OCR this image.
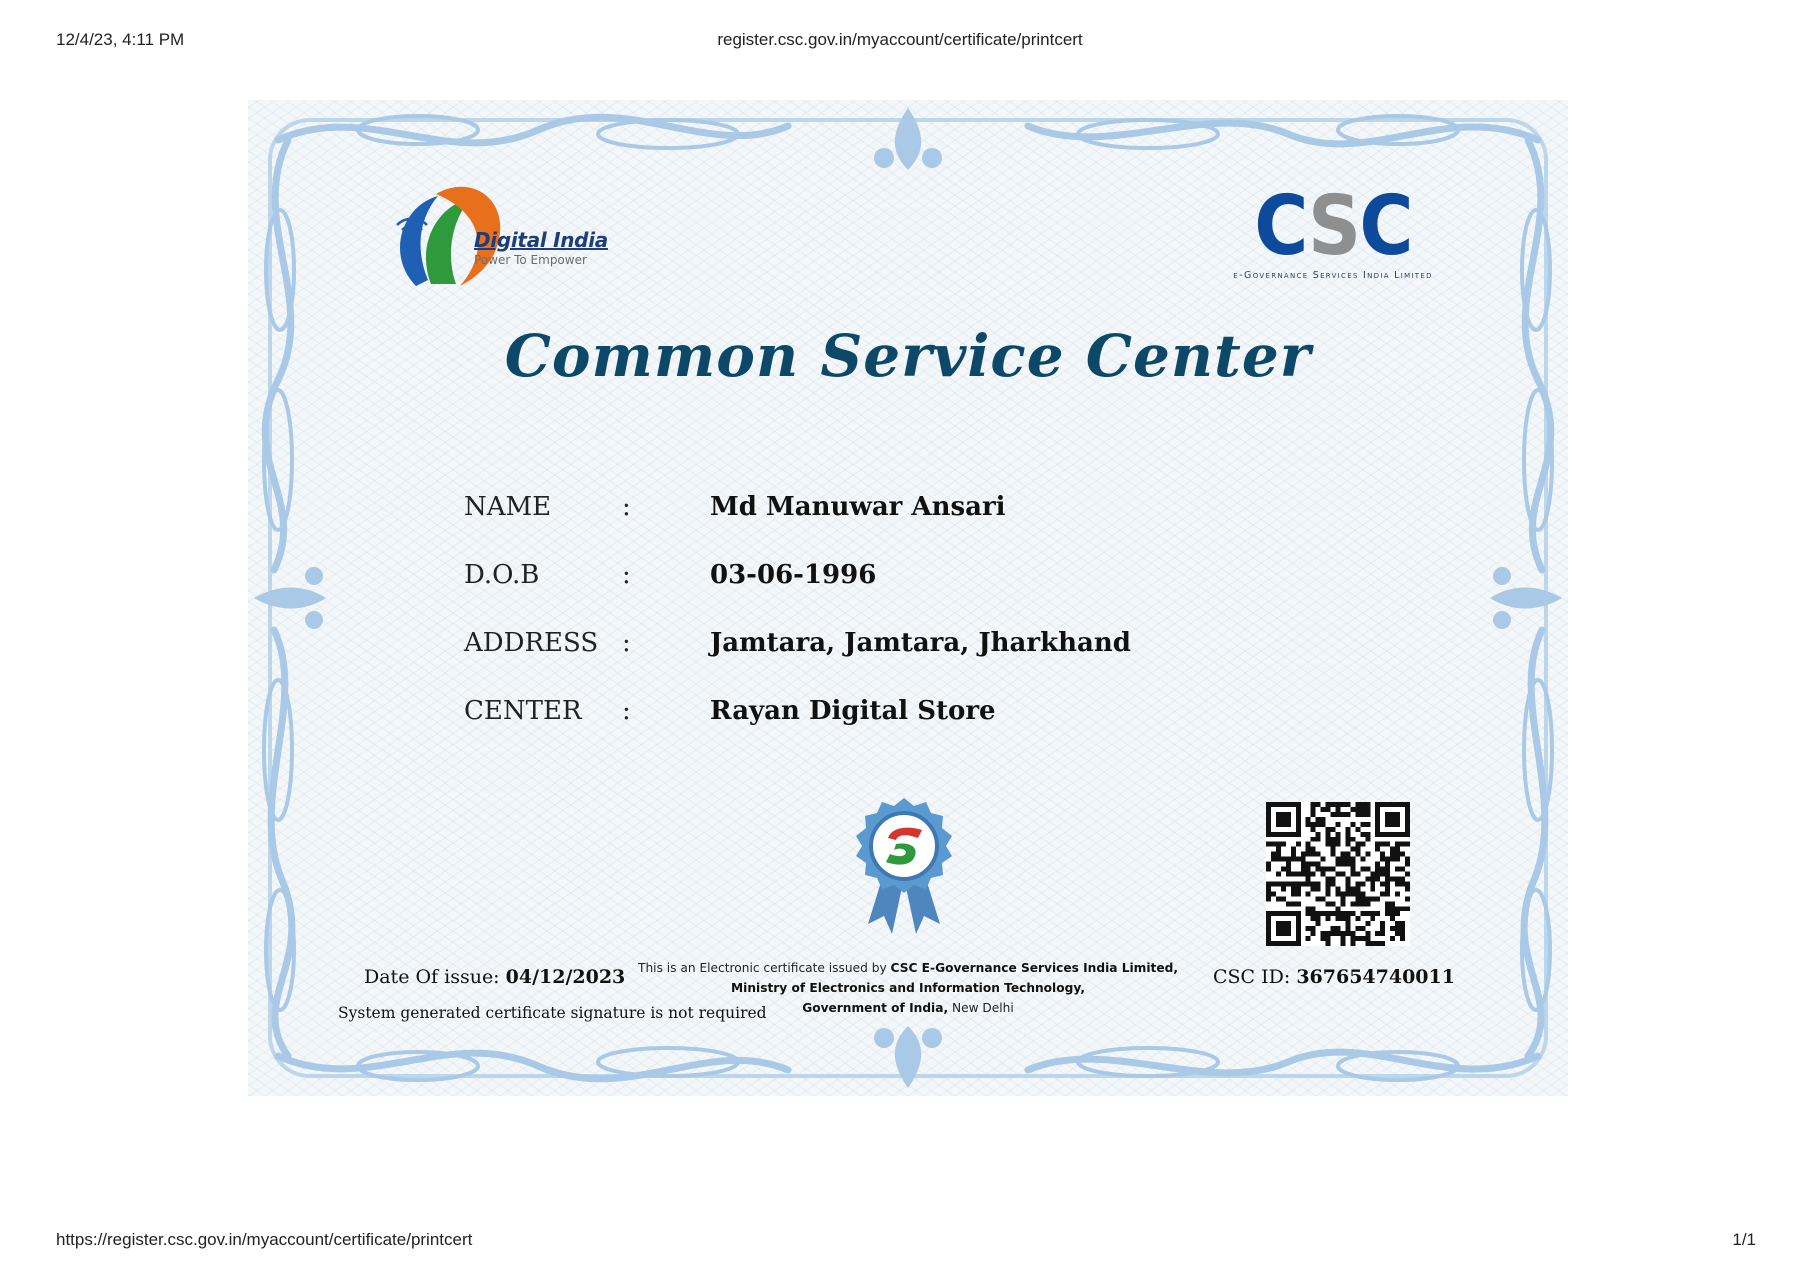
12/4/23, 4:11 PM	register.csc.gov.in/myaccount/certificate/printcert
Digital India
Power To Empower	CSC
e-Governance Services India Limited
Common Service Center
NAME	:	Md Manuwar Ansari
D.O.B	:	03-06-1996
ADDRESS :	Jamtara, Jamtara, Jharkhand
CENTER	:	Rayan Digital Store
Date Of issue: 04/12/2023
System generated certificate signature is not required
This is an Electronic certificate issued by CSC E-Governance Services India Limited,
Ministry of Electronics and Information Technology,
Government of India, New Delhi
CSC ID: 367654740011
https://register.csc.gov.in/myaccount/certificate/printcert	1/1
